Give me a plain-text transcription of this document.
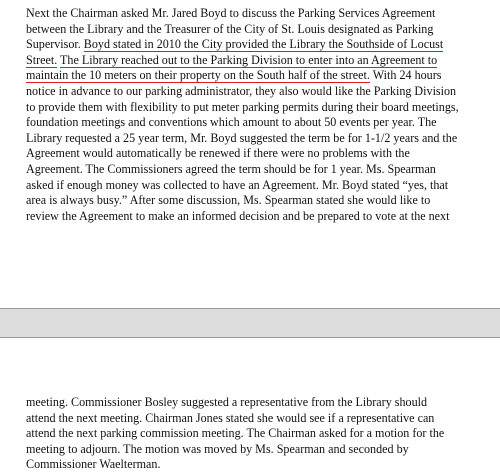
Next the Chairman asked Mr. Jared Boyd to discuss the Parking Services Agreement
between the Library and the Treasurer of the City of St. Louis designated as Parking
Supervisor. Boyd stated in 2010 the City provided the Library the Southside of Locust
Street. The Library reached out to the Parking Division to enter into an Agreement to
maintain the 10 meters on their property on the South half of the street. With 24 hours
notice in advance to our parking administrator, they also would like the Parking Division
to provide them with flexibility to put meter parking permits during their board meetings,
foundation meetings and conventions which amount to about 50 events per year. The
Library requested a 25 year term, Mr. Boyd suggested the term be for 1-1/2 years and the
Agreement would automatically be renewed if there were no problems with the
Agreement. The Commissioners agreed the term should be for 1 year. Ms. Spearman
asked if enough money was collected to have an Agreement. Mr. Boyd stated “yes, that
area is always busy.” After some discussion, Ms. Spearman stated she would like to
review the Agreement to make an informed decision and be prepared to vote at the next

meeting. Commissioner Bosley suggested a representative from the Library should
attend the next meeting. Chairman Jones stated she would see if a representative can
attend the next parking commission meeting. The Chairman asked for a motion for the
meeting to adjourn. The motion was moved by Ms. Spearman and seconded by
Commissioner Waelterman.
